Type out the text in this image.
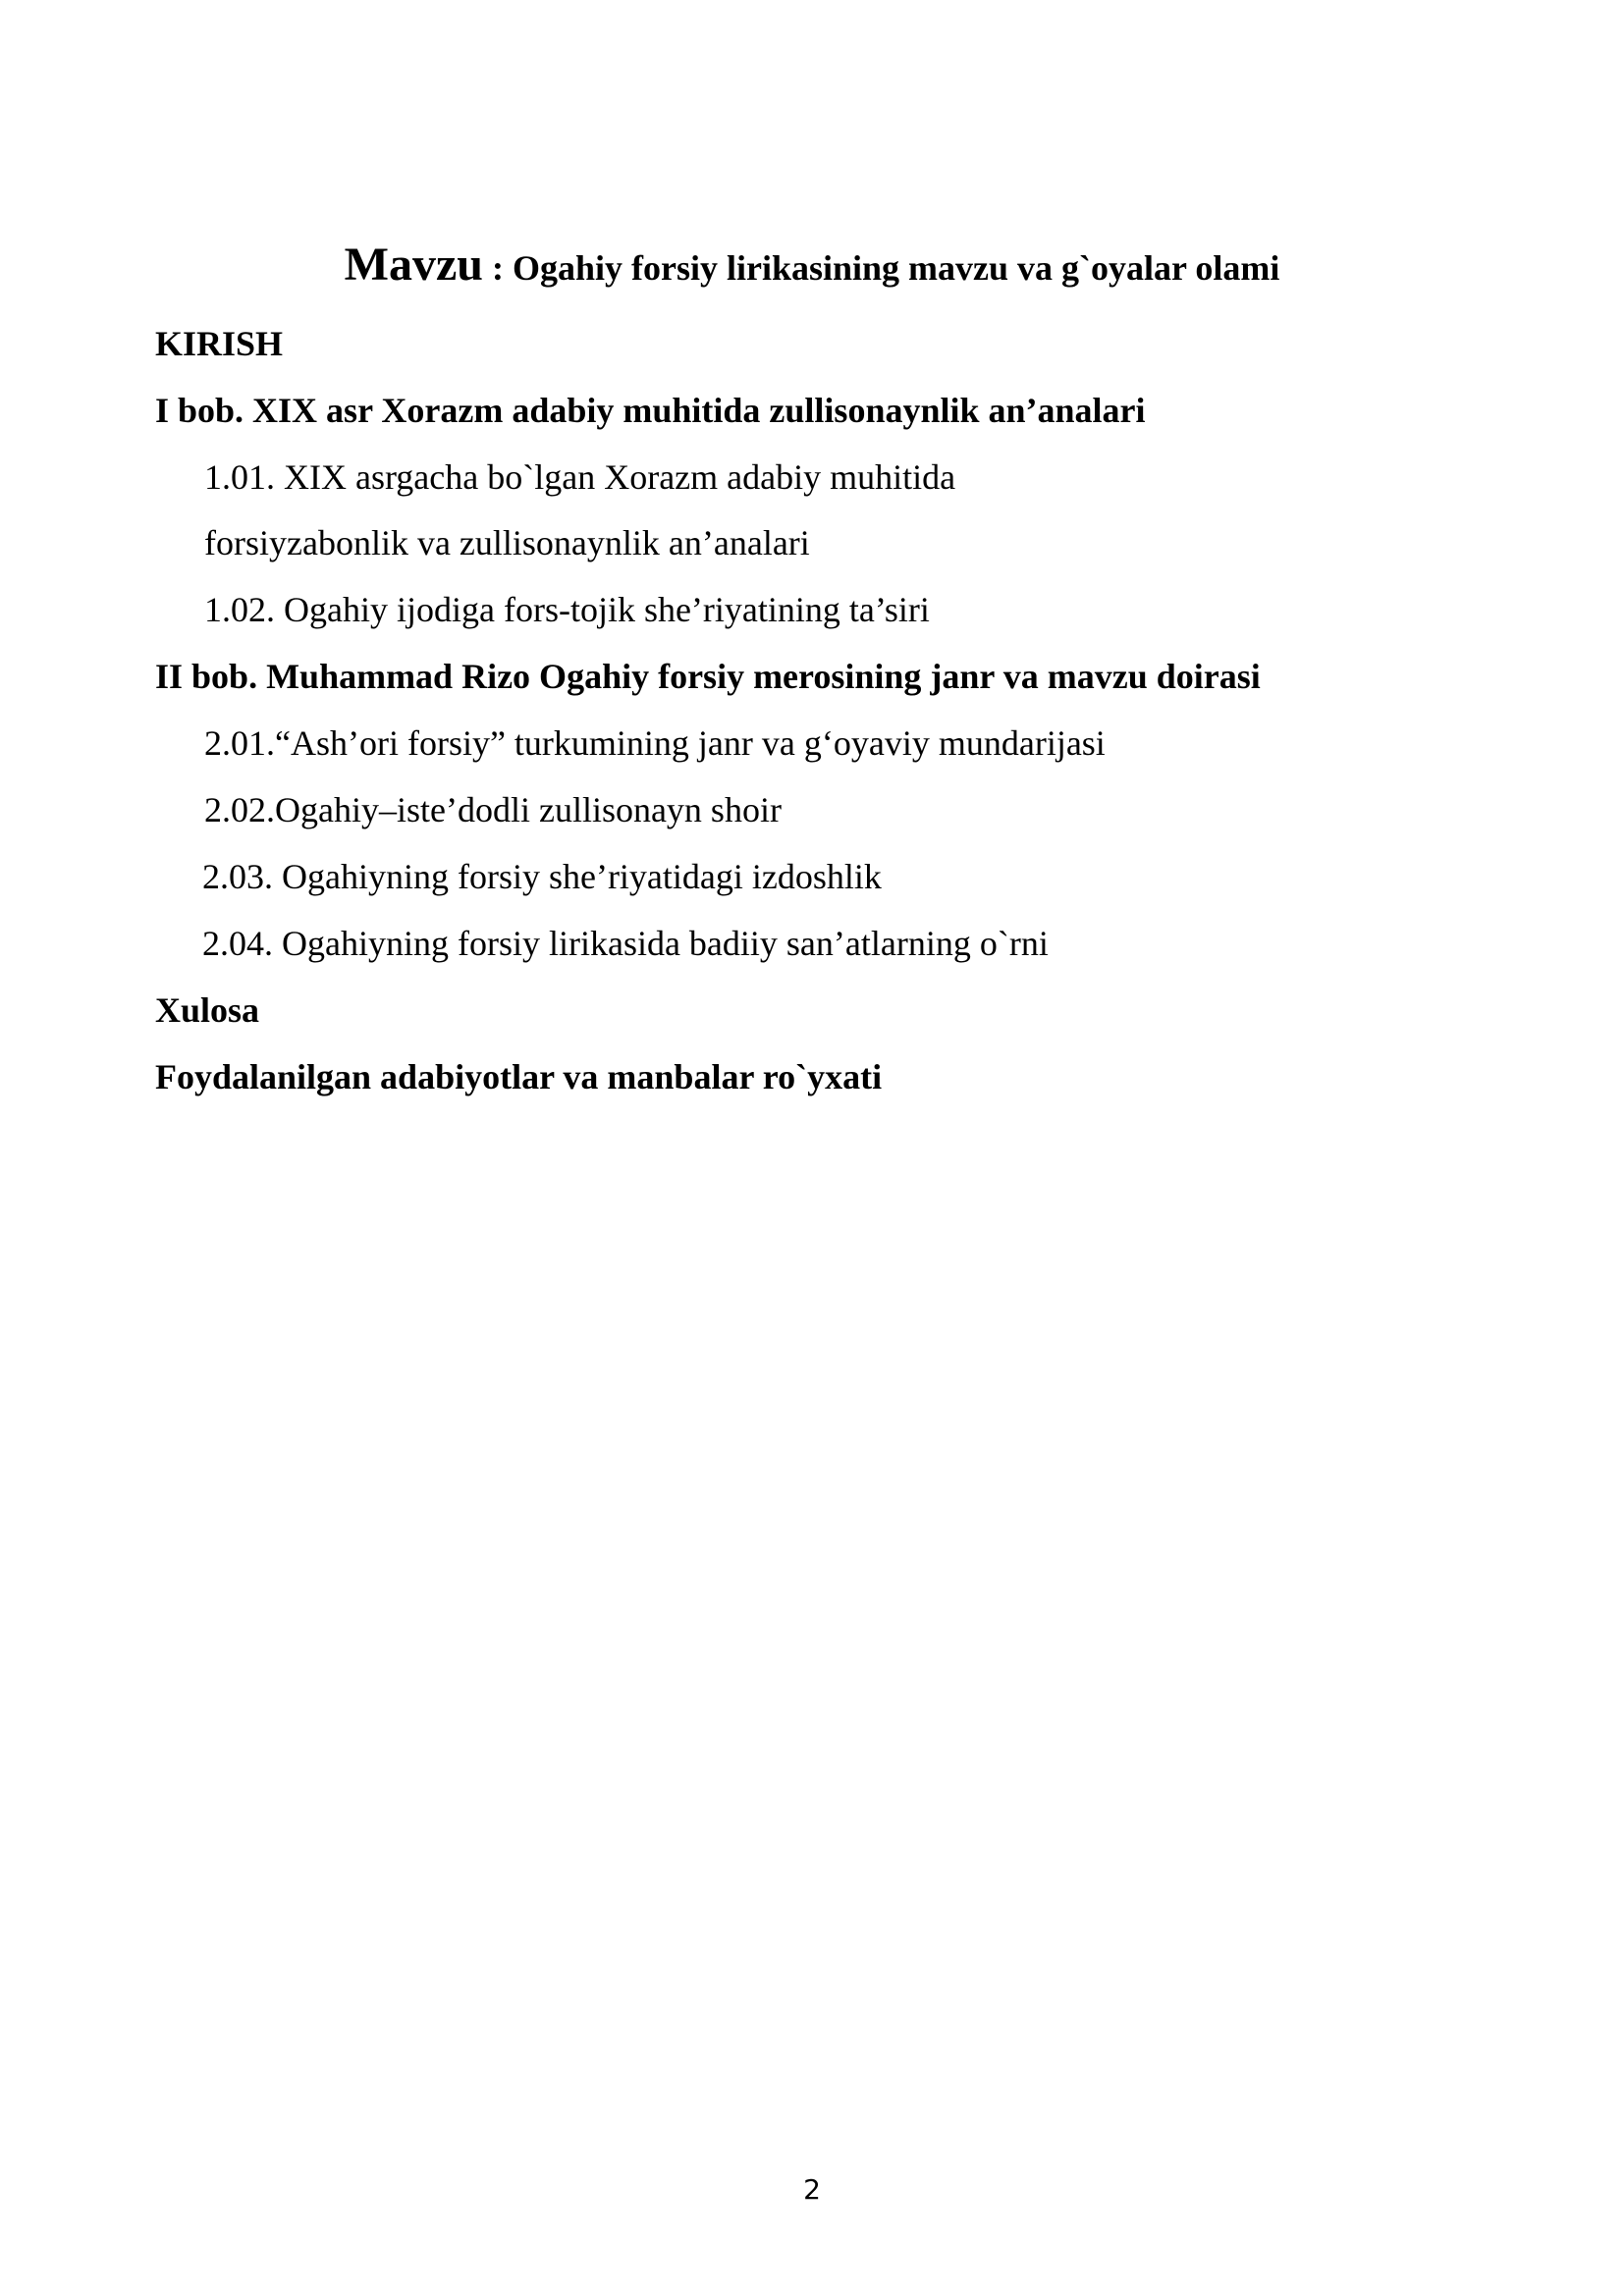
Mavzu : Ogahiy forsiy lirikasining mavzu va g`oyalar olami
KIRISH
I bob. XIX asr Xorazm adabiy muhitida zullisonaynlik an’analari
1.01. XIX asrgacha bo`lgan Xorazm adabiy muhitida
forsiyzabonlik va zullisonaynlik an’analari
1.02. Ogahiy ijodiga fors-tojik she’riyatining ta’siri
II bob. Muhammad Rizo Ogahiy forsiy merosining janr va mavzu doirasi
2.01.“Ash’ori forsiy” turkumining janr va g‘oyaviy mundarijasi
2.02.Ogahiy–iste’dodli zullisonayn shoir
2.03. Ogahiyning forsiy she’riyatidagi izdoshlik
2.04. Ogahiyning forsiy lirikasida badiiy san’atlarning o`rni
Xulosa
Foydalanilgan adabiyotlar va manbalar ro`yxati
2
